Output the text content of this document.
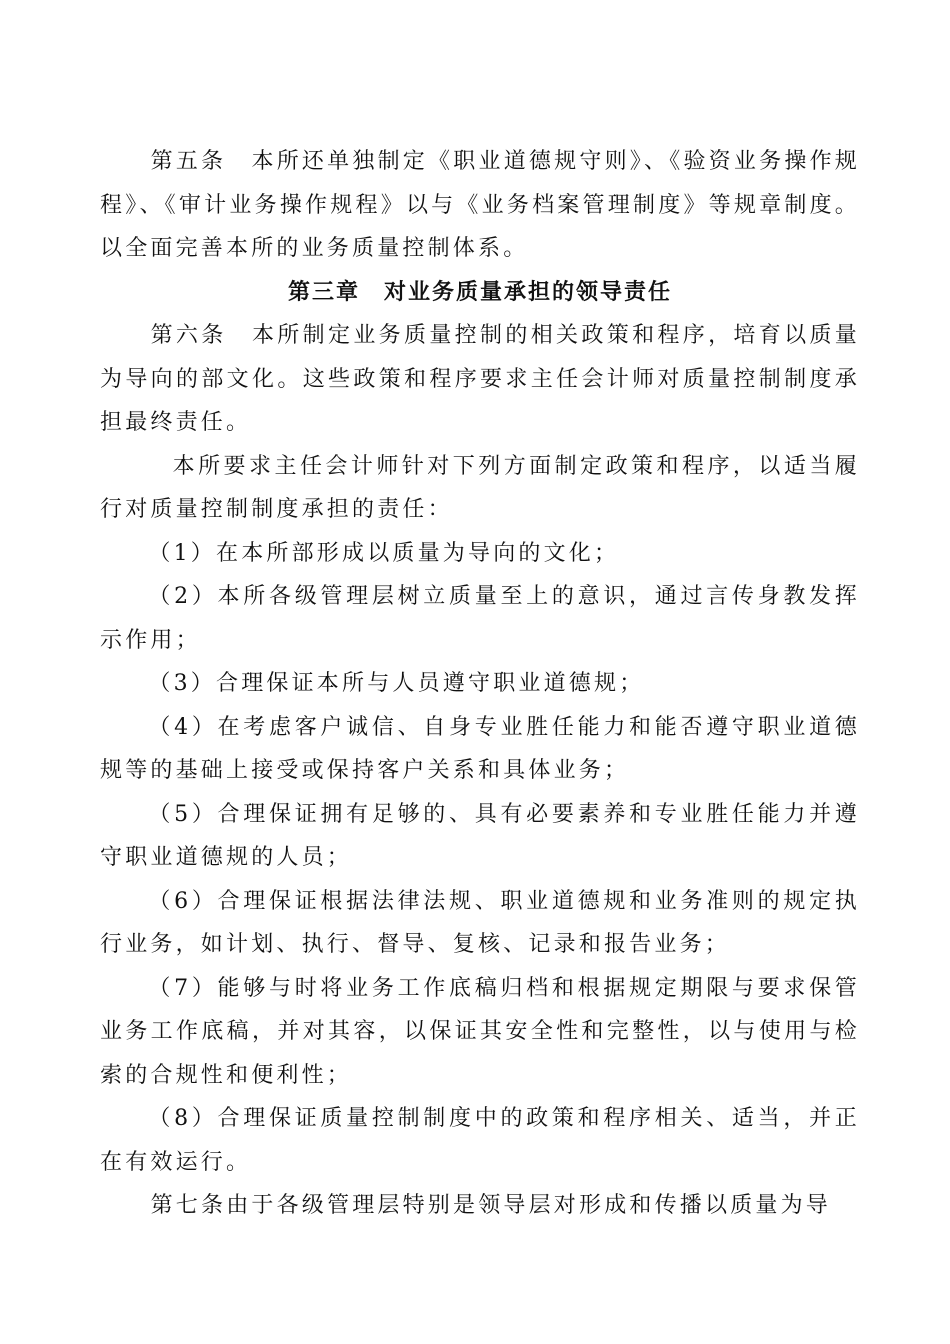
第五条　本所还单独制定《职业道德规守则》、《验资业务操作规程》、《审计业务操作规程》以与《业务档案管理制度》等规章制度。以全面完善本所的业务质量控制体系。

第三章　对业务质量承担的领导责任

第六条　本所制定业务质量控制的相关政策和程序，培育以质量为导向的部文化。这些政策和程序要求主任会计师对质量控制制度承担最终责任。

本所要求主任会计师针对下列方面制定政策和程序，以适当履行对质量控制制度承担的责任：

（1）在本所部形成以质量为导向的文化；

（2）本所各级管理层树立质量至上的意识，通过言传身教发挥示作用；

（3）合理保证本所与人员遵守职业道德规；

（4）在考虑客户诚信、自身专业胜任能力和能否遵守职业道德规等的基础上接受或保持客户关系和具体业务；

（5）合理保证拥有足够的、具有必要素养和专业胜任能力并遵守职业道德规的人员；

（6）合理保证根据法律法规、职业道德规和业务准则的规定执行业务，如计划、执行、督导、复核、记录和报告业务；

（7）能够与时将业务工作底稿归档和根据规定期限与要求保管业务工作底稿，并对其容，以保证其安全性和完整性，以与使用与检索的合规性和便利性；

（8）合理保证质量控制制度中的政策和程序相关、适当，并正在有效运行。

第七条由于各级管理层特别是领导层对形成和传播以质量为导
